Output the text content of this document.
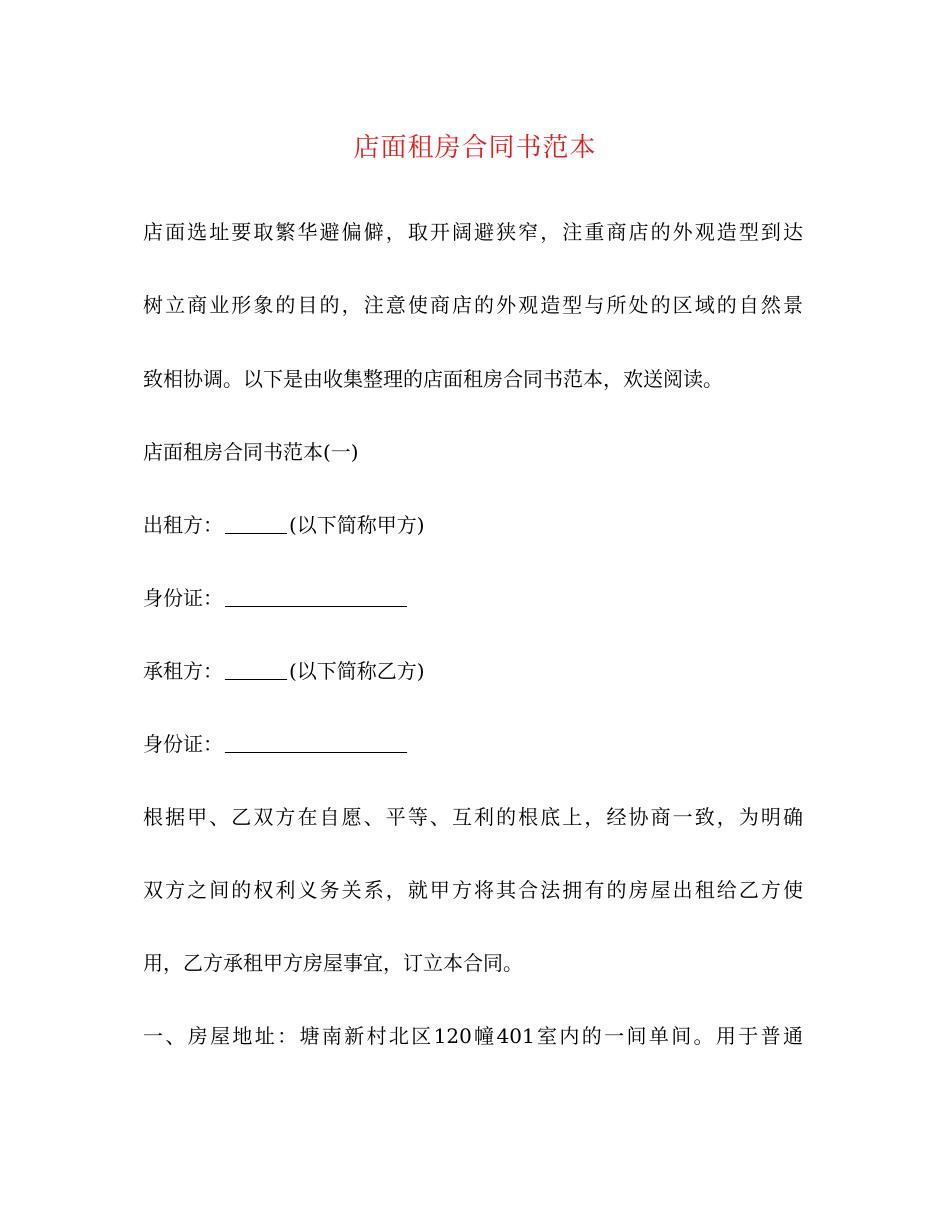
店面租房合同书范本
店面选址要取繁华避偏僻，取开阔避狭窄，注重商店的外观造型到达
树立商业形象的目的，注意使商店的外观造型与所处的区域的自然景
致相协调。以下是由收集整理的店面租房合同书范本，欢送阅读。
店面租房合同书范本(一)
出租方：	(以下简称甲方)
身份证：
承租方：	(以下简称乙方)
身份证：
根据甲、乙双方在自愿、平等、互利的根底上，经协商一致，为明确
双方之间的权利义务关系，就甲方将其合法拥有的房屋出租给乙方使
用，乙方承租甲方房屋事宜，订立本合同。
一、房屋地址：塘南新村北区120幢401室内的一间单间。用于普通
